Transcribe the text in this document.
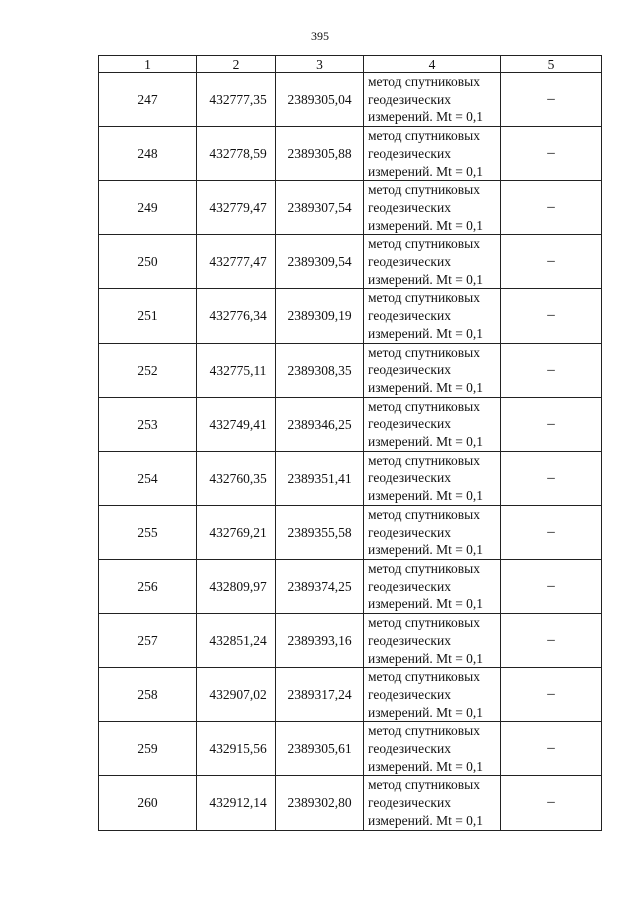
395
1	2	3	4	5
247	432777,35	2389305,04	метод спутниковых
геодезических
измерений. Mt = 0,1	–
248	432778,59	2389305,88	метод спутниковых
геодезических
измерений. Mt = 0,1	–
249	432779,47	2389307,54	метод спутниковых
геодезических
измерений. Mt = 0,1	–
250	432777,47	2389309,54	метод спутниковых
геодезических
измерений. Mt = 0,1	–
251	432776,34	2389309,19	метод спутниковых
геодезических
измерений. Mt = 0,1	–
252	432775,11	2389308,35	метод спутниковых
геодезических
измерений. Mt = 0,1	–
253	432749,41	2389346,25	метод спутниковых
геодезических
измерений. Mt = 0,1	–
254	432760,35	2389351,41	метод спутниковых
геодезических
измерений. Mt = 0,1	–
255	432769,21	2389355,58	метод спутниковых
геодезических
измерений. Mt = 0,1	–
256	432809,97	2389374,25	метод спутниковых
геодезических
измерений. Mt = 0,1	–
257	432851,24	2389393,16	метод спутниковых
геодезических
измерений. Mt = 0,1	–
258	432907,02	2389317,24	метод спутниковых
геодезических
измерений. Mt = 0,1	–
259	432915,56	2389305,61	метод спутниковых
геодезических
измерений. Mt = 0,1	–
260	432912,14	2389302,80	метод спутниковых
геодезических
измерений. Mt = 0,1	–
